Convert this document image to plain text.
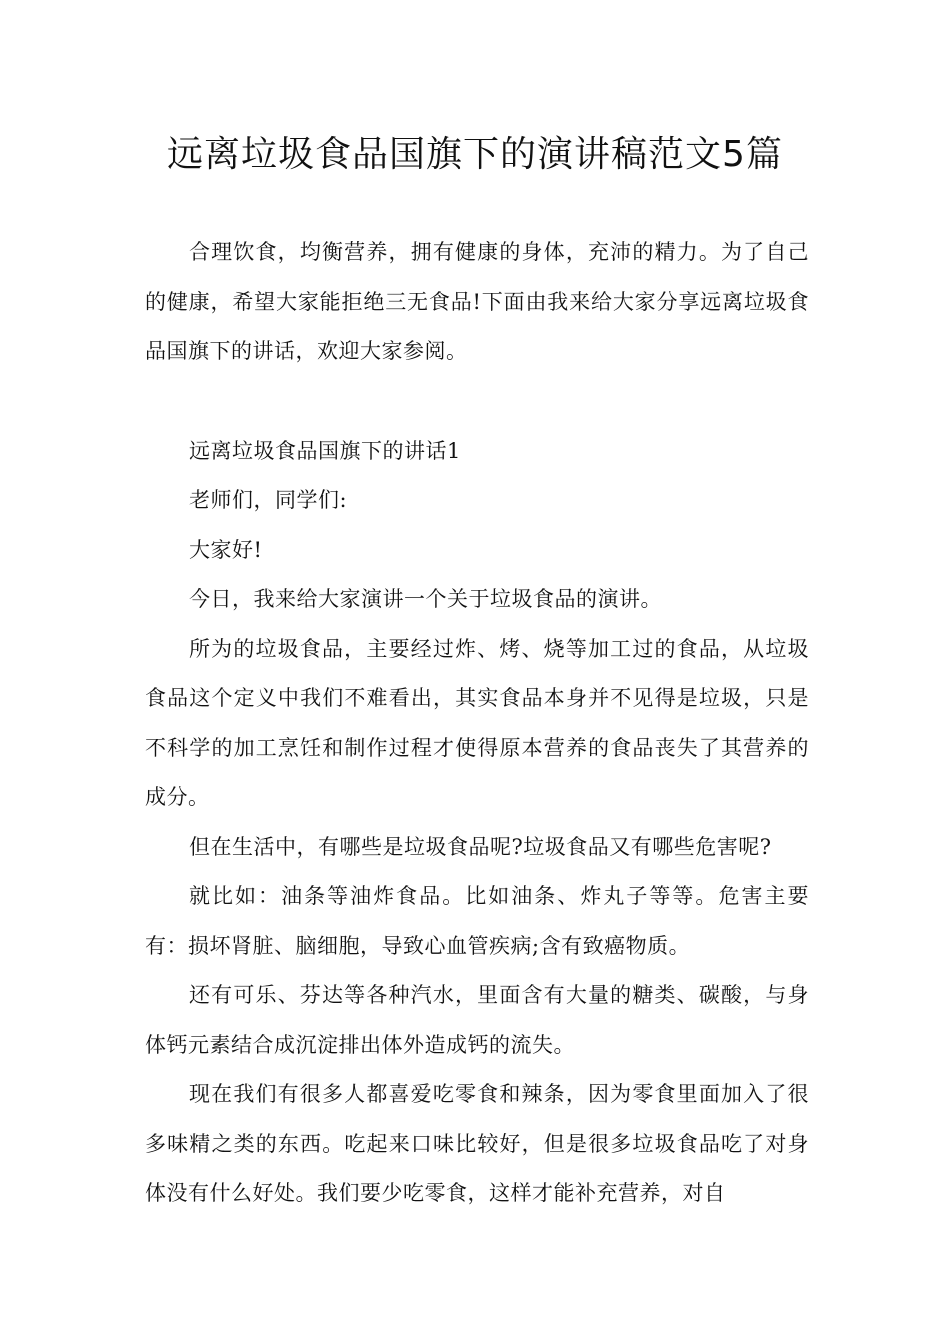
远离垃圾食品国旗下的演讲稿范文5篇

合理饮食，均衡营养，拥有健康的身体，充沛的精力。为了自己的健康，希望大家能拒绝三无食品!下面由我来给大家分享远离垃圾食品国旗下的讲话，欢迎大家参阅。

远离垃圾食品国旗下的讲话1

老师们，同学们:

大家好!

今日，我来给大家演讲一个关于垃圾食品的演讲。

所为的垃圾食品，主要经过炸、烤、烧等加工过的食品，从垃圾食品这个定义中我们不难看出，其实食品本身并不见得是垃圾，只是不科学的加工烹饪和制作过程才使得原本营养的食品丧失了其营养的成分。

但在生活中，有哪些是垃圾食品呢?垃圾食品又有哪些危害呢?

就比如：油条等油炸食品。比如油条、炸丸子等等。危害主要有：损坏肾脏、脑细胞，导致心血管疾病;含有致癌物质。

还有可乐、芬达等各种汽水，里面含有大量的糖类、碳酸，与身体钙元素结合成沉淀排出体外造成钙的流失。

现在我们有很多人都喜爱吃零食和辣条，因为零食里面加入了很多味精之类的东西。吃起来口味比较好，但是很多垃圾食品吃了对身体没有什么好处。我们要少吃零食，这样才能补充营养，对自
